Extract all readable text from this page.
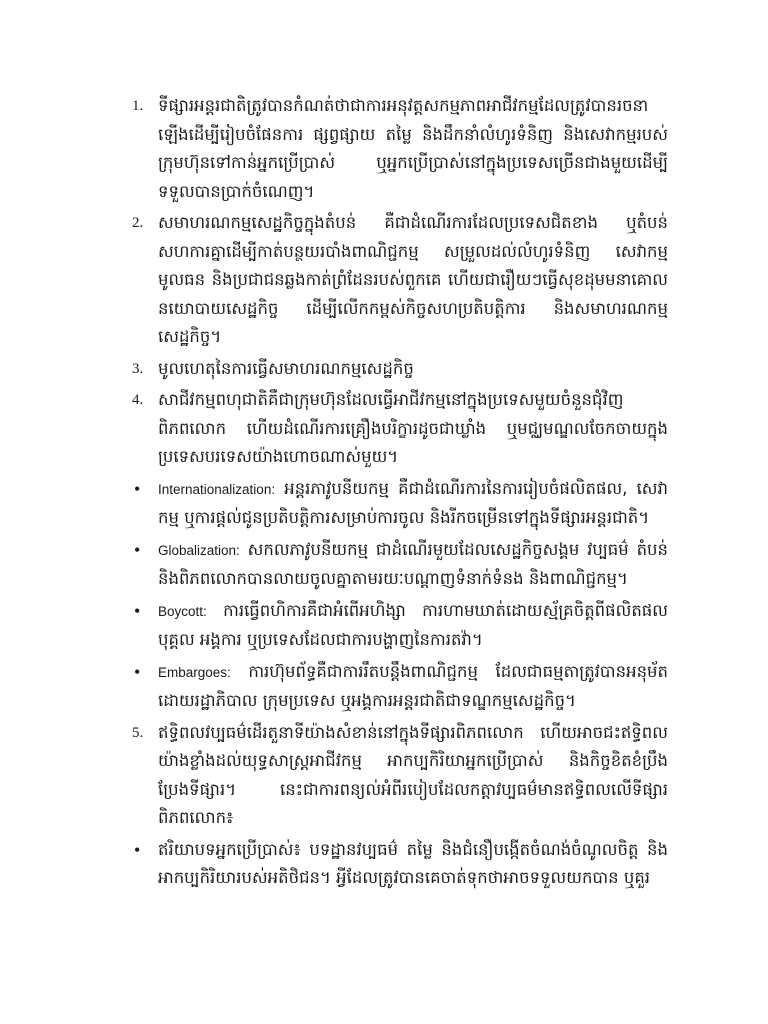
1. ទីផ្សារអន្តរជាតិត្រូវបានកំណត់ថាជាការអនុវត្តសកម្មភាពអាជីវកម្មដែលត្រូវបានរចនាឡើងដើម្បីរៀបចំផែនការ ផ្សព្វផ្សាយ តម្លៃ និងដឹកនាំលំហូរទំនិញ និងសេវាកម្មរបស់ក្រុមហ៊ុនទៅកាន់អ្នកប្រើប្រាស់ ឬអ្នកប្រើប្រាស់នៅក្នុងប្រទេសច្រើនជាងមួយដើម្បីទទួលបានប្រាក់ចំណេញ។
2. សមាហរណកម្មសេដ្ឋកិច្ចក្នុងតំបន់ គឺជាដំណើរការដែលប្រទេសជិតខាង ឬតំបន់សហការគ្នាដើម្បីកាត់បន្ថយរបាំងពាណិជ្ជកម្ម សម្រួលដល់លំហូរទំនិញ សេវាកម្ម មូលធន និងប្រជាជនឆ្លងកាត់ព្រំដែនរបស់ពួកគេ ហើយជារឿយៗធ្វើសុខដុមមនាគោលនយោបាយសេដ្ឋកិច្ច ដើម្បីលើកកម្ពស់កិច្ចសហប្រតិបត្តិការ និងសមាហរណកម្មសេដ្ឋកិច្ច។
3. មូលហេតុនៃការធ្វើសមាហរណកម្មសេដ្ឋកិច្ច
4. សាជីវកម្មពហុជាតិគឺជាក្រុមហ៊ុនដែលធ្វើអាជីវកម្មនៅក្នុងប្រទេសមួយចំនួនជុំវិញពិភពលោក ហើយដំណើរការគ្រឿងបរិក្ខារដូចជាឃ្លាំង ឬមជ្ឈមណ្ឌលចែកចាយក្នុងប្រទេសបរទេសយ៉ាងហោចណាស់មួយ។
• Internationalization: អន្តរភាវូបនីយកម្ម គឺជាដំណើរការនៃការរៀបចំផលិតផល, សេវាកម្ម ឬការផ្តល់ជូនប្រតិបត្តិការសម្រាប់ការចូល និងរីកចម្រើនទៅក្នុងទីផ្សារអន្តរជាតិ។
• Globalization: សកលភាវូបនីយកម្ម ជាដំណើរមួយដែលសេដ្ឋកិច្ចសង្គម វប្បធម៌ តំបន់ និងពិភពលោកបានលាយចូលគ្នាតាមរយៈបណ្តាញទំនាក់ទំនង និងពាណិជ្ជកម្ម។
• Boycott: ការធ្វើពហិការគឺជាអំពើអហិង្សា ការហាមឃាត់ដោយស្ម័គ្រចិត្តពីផលិតផល បុគ្គល អង្គការ ឬប្រទេសដែលជាការបង្ហាញនៃការតវ៉ា។
• Embargoes: ការហ៊ុមព័ទ្ធគឺជាការរឹតបន្តឹងពាណិជ្ជកម្ម ដែលជាធម្មតាត្រូវបានអនុម័តដោយរដ្ឋាភិបាល ក្រុមប្រទេស ឬអង្គការអន្តរជាតិជាទណ្ឌកម្មសេដ្ឋកិច្ច។
5. ឥទ្ធិពលវប្បធម៌ដើរតួនាទីយ៉ាងសំខាន់នៅក្នុងទីផ្សារពិភពលោក ហើយអាចជះឥទ្ធិពលយ៉ាងខ្លាំងដល់យុទ្ធសាស្ត្រអាជីវកម្ម អាកប្បកិរិយាអ្នកប្រើប្រាស់ និងកិច្ចខិតខំប្រឹងប្រែងទីផ្សារ។ នេះជាការពន្យល់អំពីរបៀបដែលកត្តាវប្បធម៌មានឥទ្ធិពលលើទីផ្សារពិភពលោក៖
• ឥរិយាបទអ្នកប្រើប្រាស់៖ បទដ្ឋានវប្បធម៌ តម្លៃ និងជំនឿបង្កើតចំណង់ចំណូលចិត្ត និងអាកប្បកិរិយារបស់អតិថិជន។ អ្វីដែលត្រូវបានគេចាត់ទុកថាអាចទទួលយកបាន ឬគួរ
